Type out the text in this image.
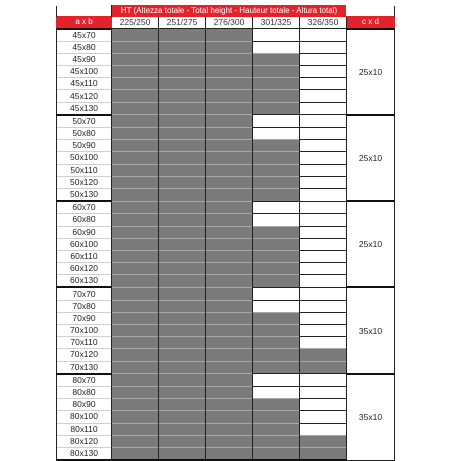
	HT (Altezza totale - Total height - Hauteur totale - Altura total)					
a x b	225/250	251/275	276/300	301/325	326/350	c x d
45x70						25x10
45x80						
45x90						
45x100						
45x110						
45x120						
45x130						
50x70						25x10
50x80						
50x90						
50x100						
50x110						
50x120						
50x130						
60x70						25x10
60x80						
60x90						
60x100						
60x110						
60x120						
60x130						
70x70						35x10
70x80						
70x90						
70x100						
70x110						
70x120						
70x130						
80x70						35x10
80x80						
80x90						
80x100						
80x110						
80x120						
80x130						
